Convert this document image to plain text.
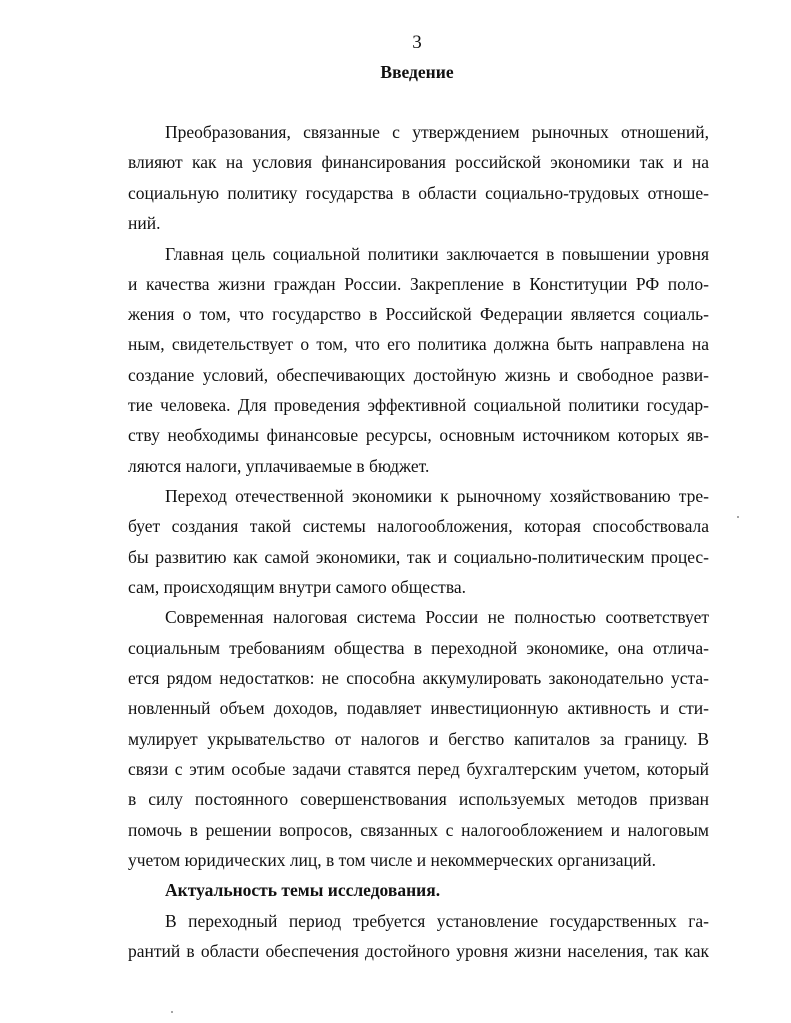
3
Введение
Преобразования, связанные с утверждением рыночных отношений,
влияют как на условия финансирования российской экономики так и на
социальную политику государства в области социально-трудовых отноше-
ний.
Главная цель социальной политики заключается в повышении уровня
и качества жизни граждан России. Закрепление в Конституции РФ поло-
жения о том, что государство в Российской Федерации является социаль-
ным, свидетельствует о том, что его политика должна быть направлена на
создание условий, обеспечивающих достойную жизнь и свободное разви-
тие человека. Для проведения эффективной социальной политики государ-
ству необходимы финансовые ресурсы, основным источником которых яв-
ляются налоги, уплачиваемые в бюджет.
Переход отечественной экономики к рыночному хозяйствованию тре-
бует создания такой системы налогообложения, которая способствовала
бы развитию как самой экономики, так и социально-политическим процес-
сам, происходящим внутри самого общества.
Современная налоговая система России не полностью соответствует
социальным требованиям общества в переходной экономике, она отлича-
ется рядом недостатков: не способна аккумулировать законодательно уста-
новленный объем доходов, подавляет инвестиционную активность и сти-
мулирует укрывательство от налогов и бегство капиталов за границу. В
связи с этим особые задачи ставятся перед бухгалтерским учетом, который
в силу постоянного совершенствования используемых методов призван
помочь в решении вопросов, связанных с налогообложением и налоговым
учетом юридических лиц, в том числе и некоммерческих организаций.
Актуальность темы исследования.
В переходный период требуется установление государственных га-
рантий в области обеспечения достойного уровня жизни населения, так как
